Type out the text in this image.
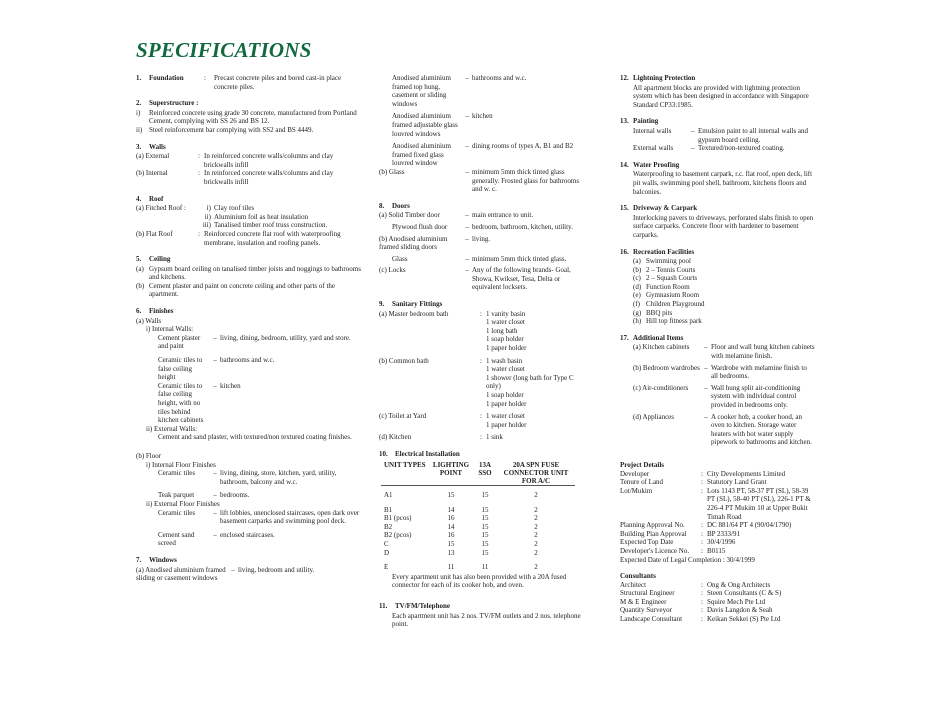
SPECIFICATIONS
1.	Foundation	:	Precast concrete piles and bored cast-in place concrete piles.
2.	Superstructure :
i)	Reinforced concrete using grade 30 concrete, manufactured from Portland Cement, complying with SS 26 and BS 12.
ii) Steel reinforcement bar complying with SS2 and BS 4449.
3.	Walls
(a) External	: In reinforced concrete walls/columns and clay brickwalls infill
(b) Internal	: In reinforced concrete walls/columns and clay brickwalls infill
4.	Roof
(a) Fitched Roof :	i) Clay roof tiles
ii) Aluminium foil as heat insulation
iii) Tanalised timber roof truss construction.
(b) Flat Roof	: Reinforced concrete flat roof with waterproofing membrane, insulation and roofing panels.
5.	Ceiling
(a) Gypsum board ceiling on tanalised timber joists and noggings to bathrooms and kitchens.
(b) Cement plaster and paint on concrete ceiling and other parts of the apartment.
6.	Finishes
(a) Walls
i) Internal Walls:
Cement plaster and paint
– living, dining, bedroom, utility, yard and store.
Ceramic tiles to false ceiling height
– bathrooms and w.c.
Ceramic tiles to false ceiling height, with no tiles behind kitchen cabinets
– kitchen
ii) External Walls:
Cement and sand plaster, with textured/non textured coating finishes.
(b) Floor
i) Internal Floor Finishes
Ceramic tiles	– living, dining, store, kitchen, yard, utility, bathroom, balcony and w.c.
Teak parquet	– bedrooms.
ii) External Floor Finishes
Ceramic tiles	– lift lobbies, unenclosed staircases, open dark over basement carparks and swimming pool deck.
Cement sand screed
– enclosed staircases.
7.	Windows
(a) Anodised aluminium framed sliding or casement windows
– living, bedroom and utility.
Anodised aluminium framed top hung, casement or sliding windows
– bathrooms and w.c.
Anodised aluminium framed adjustable glass louvred windows
– kitchen
Anodised aluminium framed fixed glass louvred window
– dining rooms of types A, B1 and B2
(b) Glass	– minimum 5mm thick tinted glass generally. Frosted glass for bathrooms and w. c.
8.	Doors
(a) Solid Timber door	– main entrance to unit.
Plywood flush door	– bedroom, bathroom, kitchen, utility.
(b) Anodised aluminium framed sliding doors
– living.
Glass	– minimum 5mm thick tinted glass.
(c) Locks	– Any of the following brands- Goal, Showa, Kwikset, Tesa, Delta or equivalent locksets.
9.	Sanitary Fittings
(a) Master bedroom bath	: 1 vanity basin
1 water closet
1 long bath
1 soap holder
1 paper holder
(b) Common bath	: 1 wash basin
1 water closet
1 shower (long bath for Type C only)
1 soap holder
1 paper holder
(c) Toilet at Yard	: 1 water closet
1 paper holder
(d) Kitchen	: 1 sink
10.	Electrical Installation
UNIT TYPES	LIGHTING POINT	13A SSO	20A SPN FUSE CONNECTOR UNIT FOR A/C

A1	15	15	2

B1	14	15	2
B1 (pcos)	16	15	2
B2	14	15	2
B2 (pcos)	16	15	2
C	15	15	2
D	13	15	2

E	11	11	2
Every apartment unit has also been provided with a 20A fused connector for each of its cooker hob, and oven.
11.	TV/FM/Telephone
Each apartment unit has 2 nos. TV/FM outlets and 2 nos. telephone point.
12. Lightning Protection
All apartment blocks are provided with lightning protection system which has been designed in accordance with Singapore Standard CP33:1985.
13. Painting
Internal walls	– Emulsion paint to all internal walls and gypsum board ceiling.
External walls	– Textured/non-textured coating.
14. Water Proofing
Waterproofing to basement carpark, r.c. flat roof, open deck, lift pit walls, swimming pool shell, bathroom, kitchens floors and balconies.
15. Driveway & Carpark
Interlocking pavers to driveways, perforated slabs finish to open surface carparks. Concrete floor with hardener to basement carparks.
16. Recreation Facilities
(a) Swimming pool
(b) 2 – Tennis Courts
(c) 2 – Squash Courts
(d) Function Room
(e) Gymnasium Room
(f) Children Playground
(g) BBQ pits
(h) Hill top fitness park
17. Additional Items
(a) Kitchen cabinets	– Floor and wall hung kitchen cabinets with melamine finish.
(b) Bedroom wardrobes – Wardrobe with melamine finish to all bedrooms.
(c) Air-conditioners	– Wall hung split air-conditioning system with individual control provided in bedrooms only.
(d) Appliances	– A cooker hob, a cooker hood, an oven to kitchen. Storage water heaters with hot water supply pipework to bathrooms and kitchen.
Project Details
Developer	: City Developments Limited
Tenure of Land	: Statutory Land Grant
Lot/Mukim	: Lots 1143 PT, 58-37 PT (SL), 58-39 PT (SL), 58-40 PT (SL), 226-1 PT & 226-4 PT Mukim 10 at Upper Bukit Timah Road
Planning Approval No.	: DC 881/64 PT 4 (90/04/1790)
Building Plan Approval	: BP 2333/91
Expected Top Date	: 30/4/1996
Developer's Licence No.	: B0115
Expected Date of Legal Completion : 30/4/1999
Consultants
Architect	: Ong & Ong Architects
Structural Engineer	: Steen Consultants (C & S)
M & E Engineer	: Squire Mech Pte Ltd
Quantity Surveyor	: Davis Langdon & Seah
Landscape Consultant	: Keikan Sekkei (S) Pte Ltd
